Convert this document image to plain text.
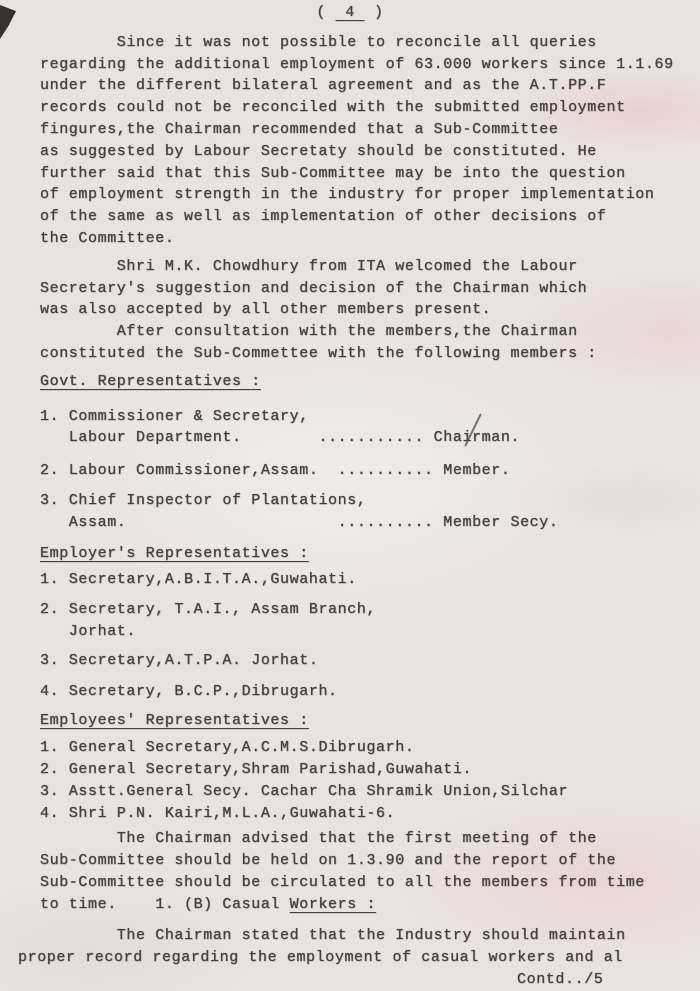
(  4  )
Since it was not possible to reconcile all queries
regarding the additional employment of 63.000 workers since 1.1.69
under the different bilateral agreement and as the A.T.PP.F
records could not be reconciled with the submitted employment
fingures,the Chairman recommended that a Sub-Committee
as suggested by Labour Secretaty should be constituted. He
further said that this Sub-Committee may be into the question
of employment strength in the industry for proper implementation
of the same as well as implementation of other decisions of
the Committee.
Shri M.K. Chowdhury from ITA welcomed the Labour
Secretary's suggestion and decision of the Chairman which
was also accepted by all other members present.
After consultation with the members,the Chairman
constituted the Sub-Commettee with the following members :
Govt. Representatives :
1. Commissioner & Secretary,
Labour Department.        ........... Chairman.
2. Labour Commissioner,Assam.  .......... Member.
3. Chief Inspector of Plantations,
Assam.                      .......... Member Secy.
Employer's Representatives :
1. Secretary,A.B.I.T.A.,Guwahati.
2. Secretary, T.A.I., Assam Branch,
Jorhat.
3. Secretary,A.T.P.A. Jorhat.
4. Secretary, B.C.P.,Dibrugarh.
Employees' Representatives :
1. General Secretary,A.C.M.S.Dibrugarh.
2. General Secretary,Shram Parishad,Guwahati.
3. Asstt.General Secy. Cachar Cha Shramik Union,Silchar
4. Shri P.N. Kairi,M.L.A.,Guwahati-6.
The Chairman advised that the first meeting of the
Sub-Committee should be held on 1.3.90 and the report of the
Sub-Committee should be circulated to all the members from time
to time.    1. (B) Casual Workers :
The Chairman stated that the Industry should maintain
proper record regarding the employment of casual workers and al
Contd../5
